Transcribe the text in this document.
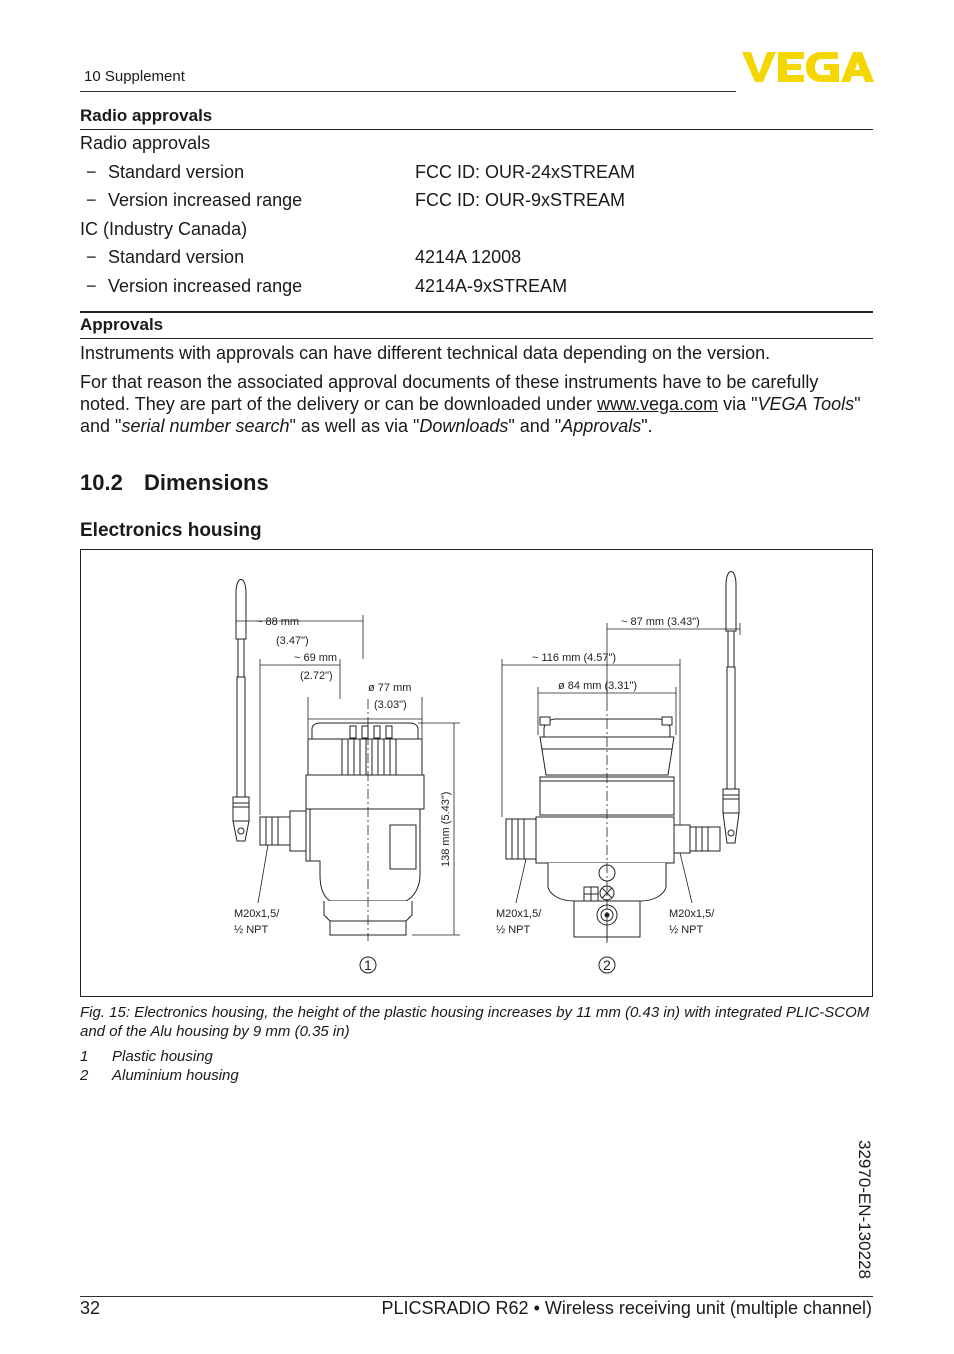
10 Supplement
Radio approvals
Radio approvals
− Standard version	FCC ID: OUR-24xSTREAM
− Version increased range	FCC ID: OUR-9xSTREAM
IC (Industry Canada)
− Standard version	4214A 12008
− Version increased range	4214A-9xSTREAM
Approvals
Instruments with approvals can have different technical data depending on the version.
For that reason the associated approval documents of these instruments have to be carefully noted. They are part of the delivery or can be downloaded under www.vega.com via "VEGA Tools" and "serial number search" as well as via "Downloads" and "Approvals".
10.2 Dimensions
Electronics housing
~ 88 mm
(3.47")
~ 69 mm
(2.72")
ø 77 mm
(3.03")
138 mm (5.43")
M20x1,5/
½ NPT
1
~ 87 mm (3.43")
~ 116 mm (4.57")
ø 84 mm (3.31")
M20x1,5/
½ NPT
M20x1,5/
½ NPT
2
Fig. 15: Electronics housing, the height of the plastic housing increases by 11 mm (0.43 in) with integrated PLIC-SCOM and of the Alu housing by 9 mm (0.35 in)
1 Plastic housing
2 Aluminium housing
32970-EN-130228
32	PLICSRADIO R62 • Wireless receiving unit (multiple channel)
